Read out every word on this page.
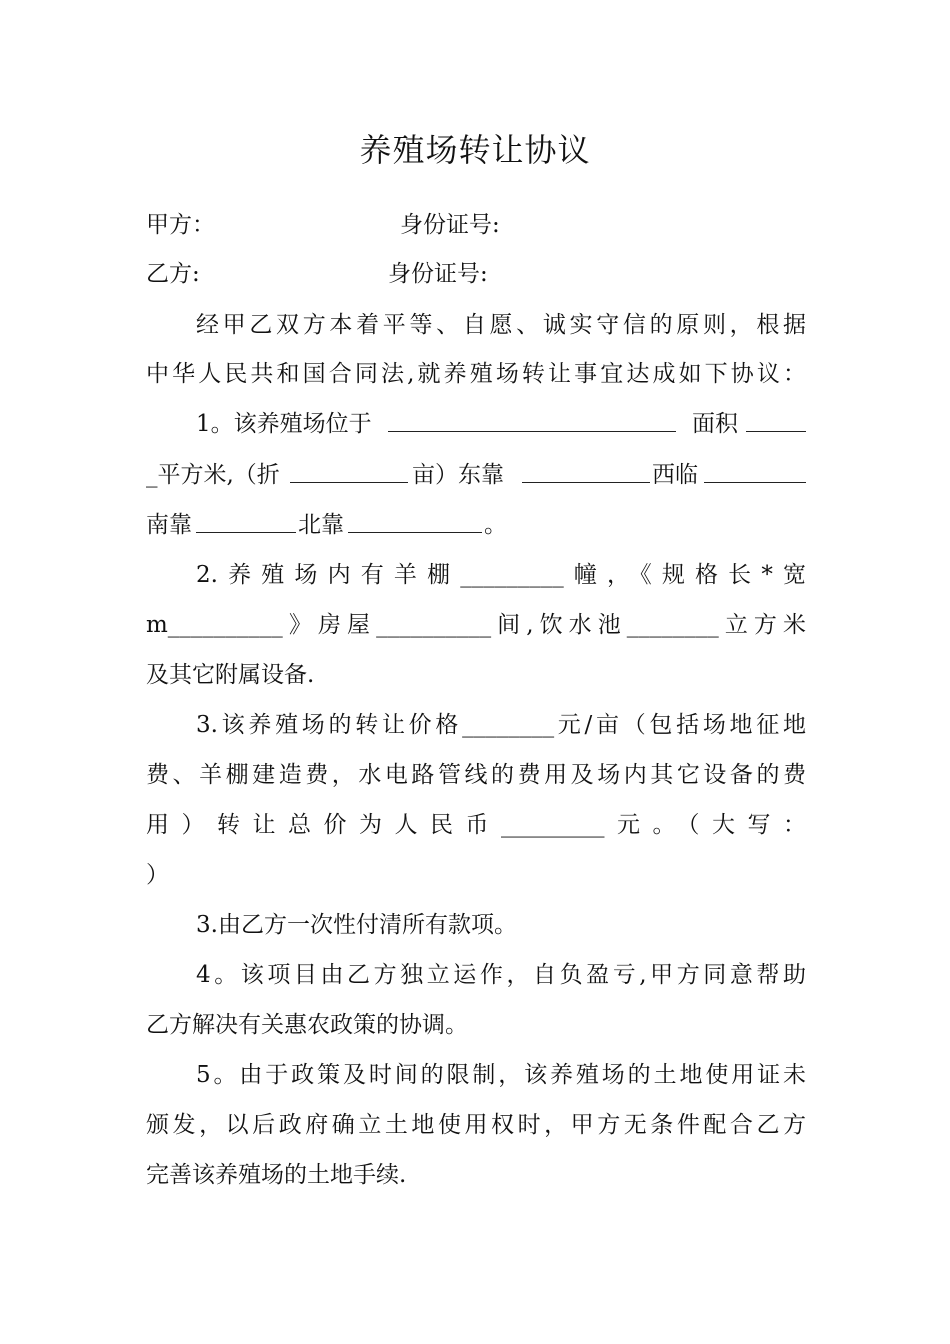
养殖场转让协议
甲方：	身份证号:
乙方:	身份证号:
经甲乙双方本着平等、自愿、诚实守信的原则，根据
中华人民共和国合同法,就养殖场转让事宜达成如下协议：
1。该养殖场位于	面积
_平方米,（折	亩）东靠	西临
南靠	北靠	。
2.养殖场内有羊棚_________幢，《规格长*宽
m__________》房屋__________间,饮水池________立方米
及其它附属设备.
3.该养殖场的转让价格________元/亩（包括场地征地
费、羊棚建造费，水电路管线的费用及场内其它设备的费
用）转让总价为人民币_________元。（大写：
）
3.由乙方一次性付清所有款项。
4。该项目由乙方独立运作，自负盈亏,甲方同意帮助
乙方解决有关惠农政策的协调。
5。由于政策及时间的限制，该养殖场的土地使用证未
颁发，以后政府确立土地使用权时，甲方无条件配合乙方
完善该养殖场的土地手续.
